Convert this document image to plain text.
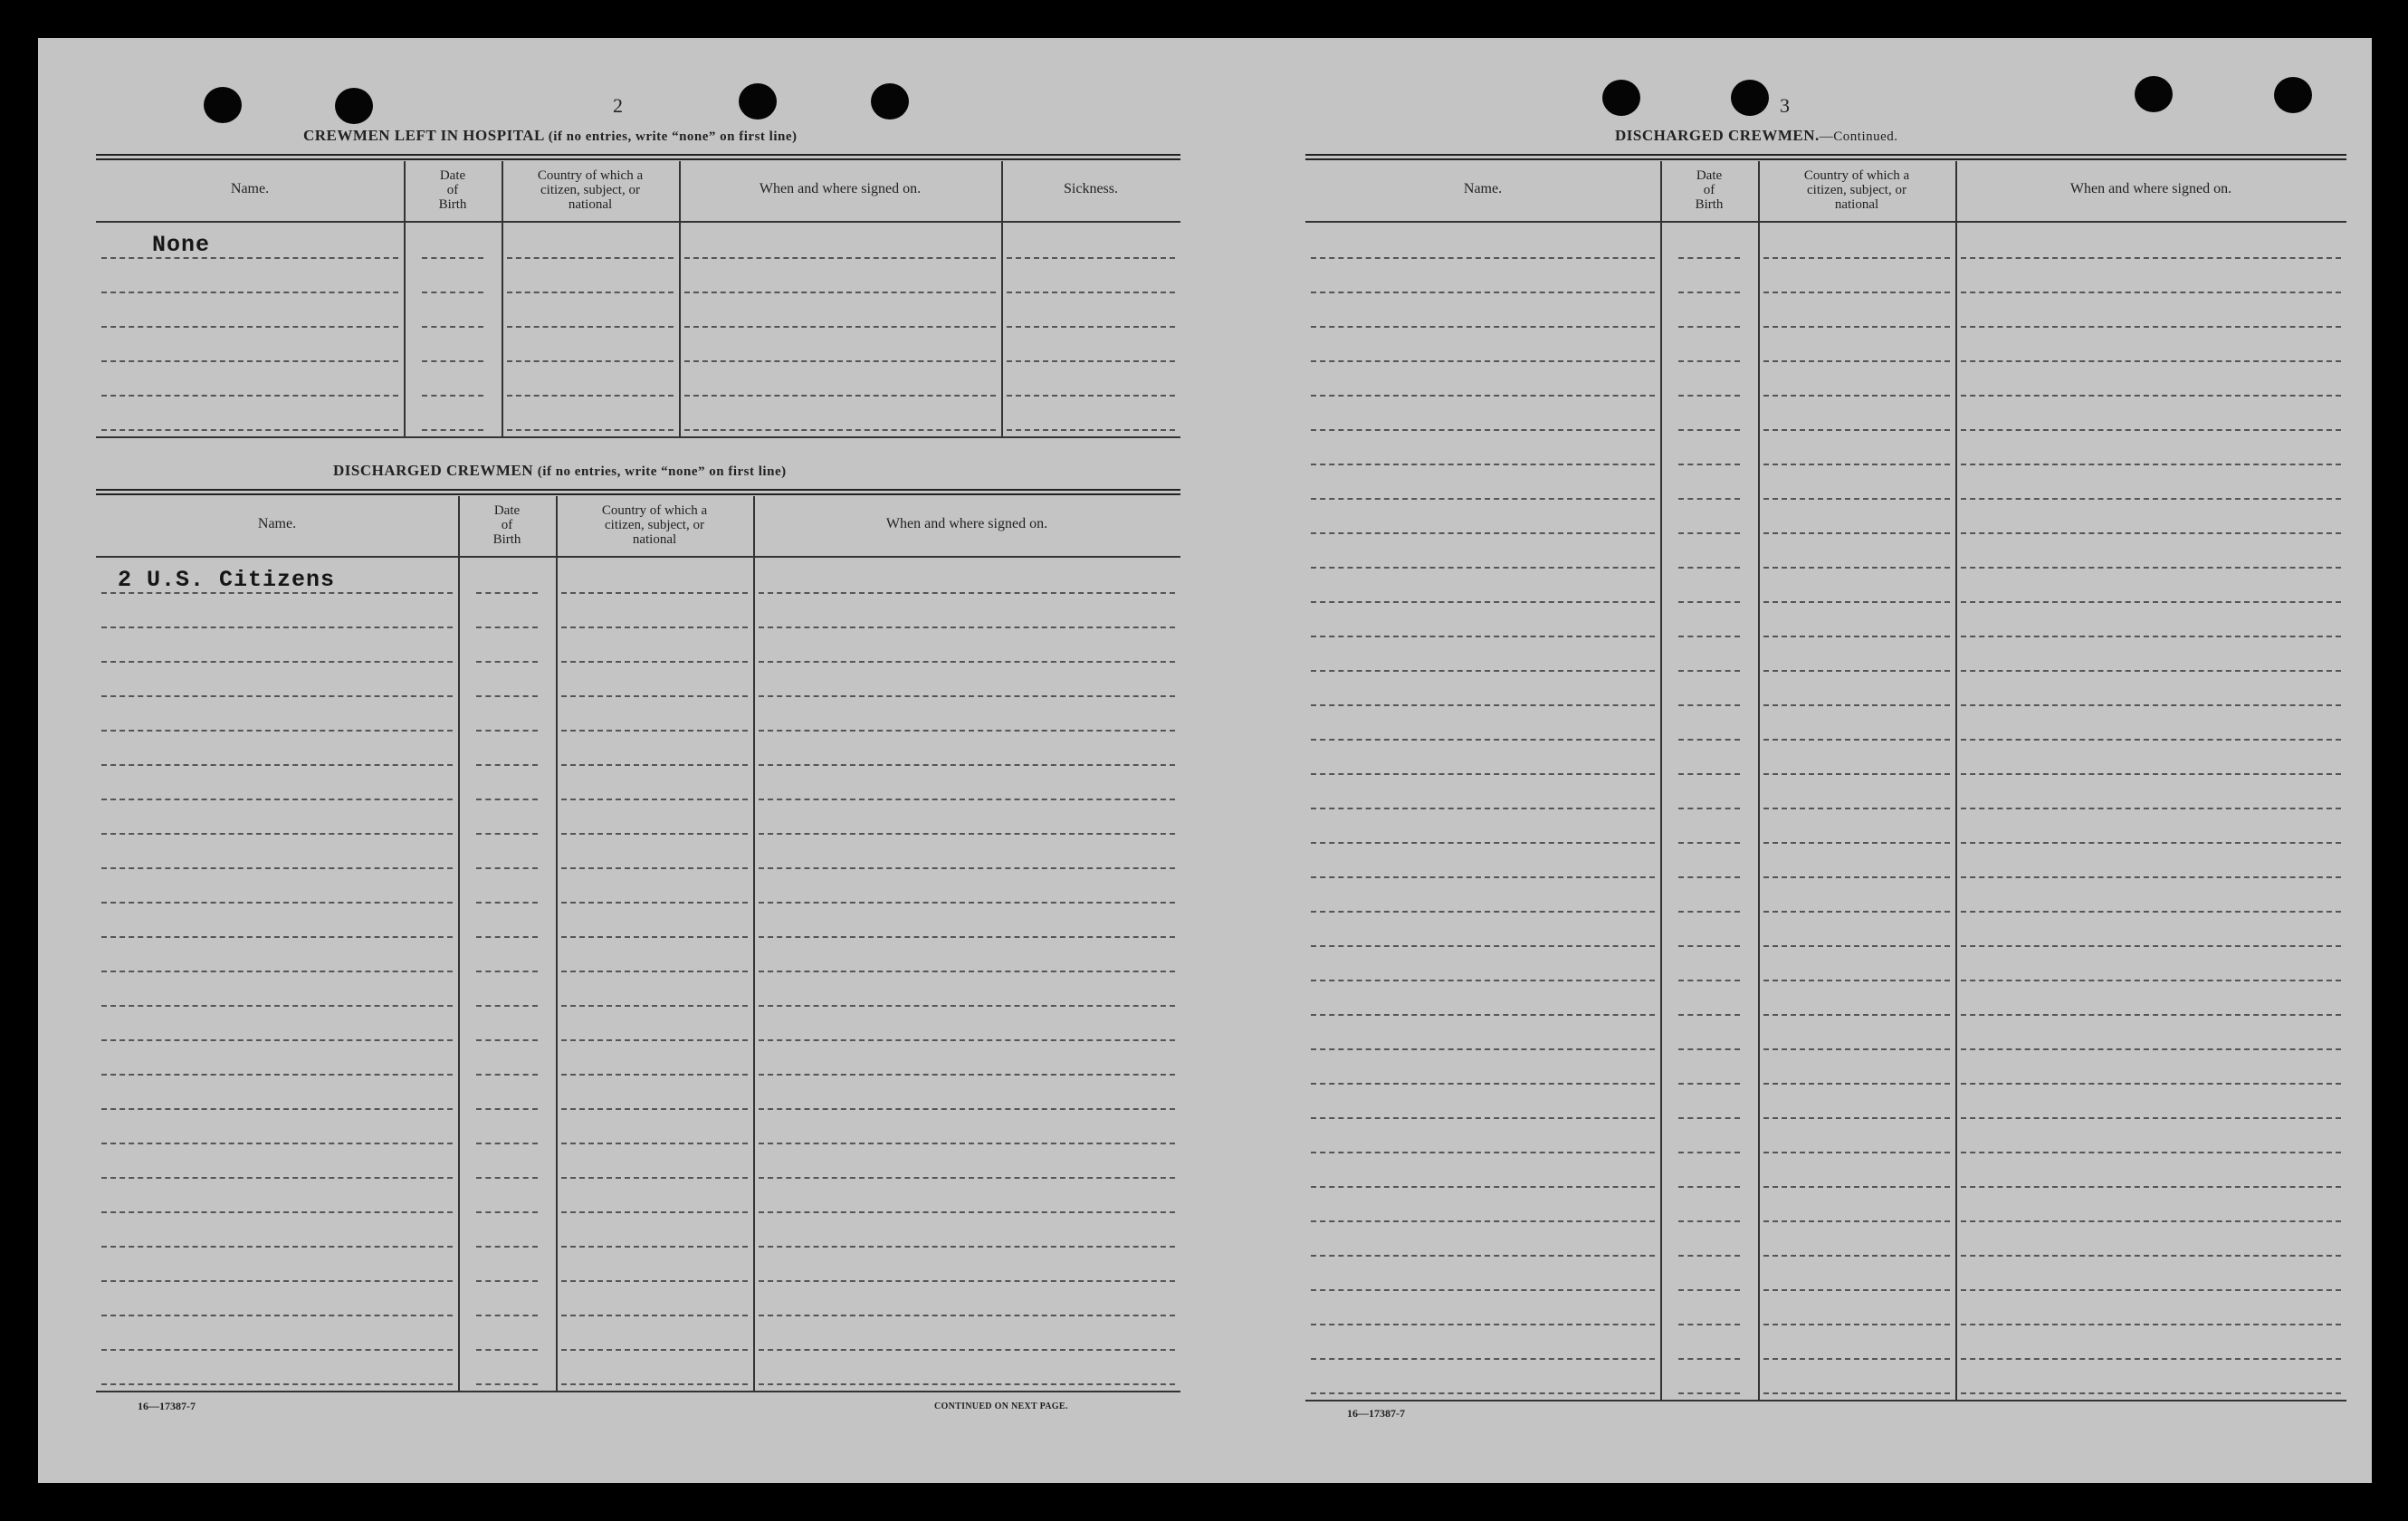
2
CREWMEN LEFT IN HOSPITAL (if no entries, write “none” on first line)
Name.
Date
of
Birth
Country of which a
citizen, subject, or
national
When and where signed on.	Sickness.
None
DISCHARGED CREWMEN (if no entries, write “none” on first line)
Name.
Date
of
Birth
Country of which a
citizen, subject, or
national
When and where signed on.
2 U.S. Citizens
16—17387-7	CONTINUED ON NEXT PAGE.
3
DISCHARGED CREWMEN.—Continued.
Name.
Date
of
Birth
Country of which a
citizen, subject, or
national
When and where signed on.
16—17387-7
